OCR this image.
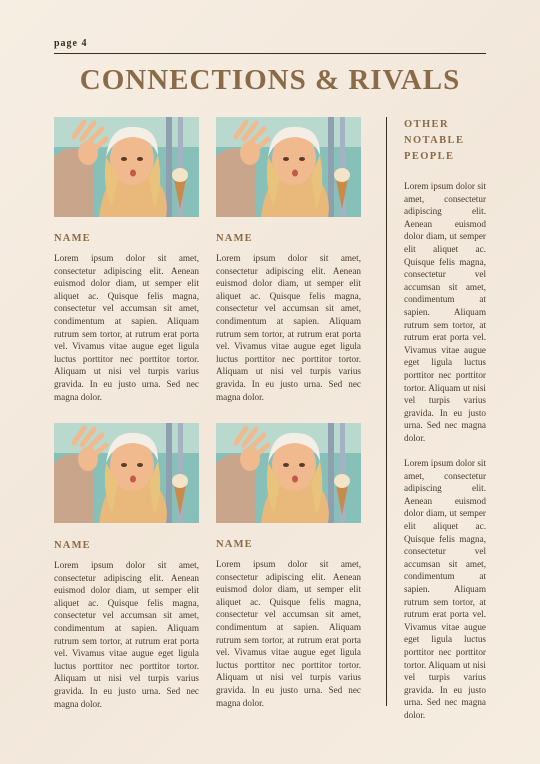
page 4
CONNECTIONS & RIVALS
NAME

Lorem ipsum dolor sit amet, consectetur adipiscing elit. Aenean euismod dolor diam, ut semper elit aliquet ac. Quisque felis magna, consectetur vel accumsan sit amet, condimentum at sapien. Aliquam rutrum sem tortor, at rutrum erat porta vel. Vivamus vitae augue eget ligula luctus porttitor nec porttitor tortor. Aliquam ut nisi vel turpis varius gravida. In eu justo urna. Sed nec magna dolor.

NAME

Lorem ipsum dolor sit amet, consectetur adipiscing elit. Aenean euismod dolor diam, ut semper elit aliquet ac. Quisque felis magna, consectetur vel accumsan sit amet, condimentum at sapien. Aliquam rutrum sem tortor, at rutrum erat porta vel. Vivamus vitae augue eget ligula luctus porttitor nec porttitor tortor. Aliquam ut nisi vel turpis varius gravida. In eu justo urna. Sed nec magna dolor.

NAME

Lorem ipsum dolor sit amet, consectetur adipiscing elit. Aenean euismod dolor diam, ut semper elit aliquet ac. Quisque felis magna, consectetur vel accumsan sit amet, condimentum at sapien. Aliquam rutrum sem tortor, at rutrum erat porta vel. Vivamus vitae augue eget ligula luctus porttitor nec porttitor tortor. Aliquam ut nisi vel turpis varius gravida. In eu justo urna. Sed nec magna dolor.

NAME

Lorem ipsum dolor sit amet, consectetur adipiscing elit. Aenean euismod dolor diam, ut semper elit aliquet ac. Quisque felis magna, consectetur vel accumsan sit amet, condimentum at sapien. Aliquam rutrum sem tortor, at rutrum erat porta vel. Vivamus vitae augue eget ligula luctus porttitor nec porttitor tortor. Aliquam ut nisi vel turpis varius gravida. In eu justo urna. Sed nec magna dolor.

OTHER NOTABLE PEOPLE

Lorem ipsum dolor sit amet, consectetur adipiscing elit. Aenean euismod dolor diam, ut semper elit aliquet ac. Quisque felis magna, consectetur vel accumsan sit amet, condimentum at sapien. Aliquam rutrum sem tortor, at rutrum erat porta vel. Vivamus vitae augue eget ligula luctus porttitor nec porttitor tortor. Aliquam ut nisi vel turpis varius gravida. In eu justo urna. Sed nec magna dolor.

Lorem ipsum dolor sit amet, consectetur adipiscing elit. Aenean euismod dolor diam, ut semper elit aliquet ac. Quisque felis magna, consectetur vel accumsan sit amet, condimentum at sapien. Aliquam rutrum sem tortor, at rutrum erat porta vel. Vivamus vitae augue eget ligula luctus porttitor nec porttitor tortor. Aliquam ut nisi vel turpis varius gravida. In eu justo urna. Sed nec magna dolor.
